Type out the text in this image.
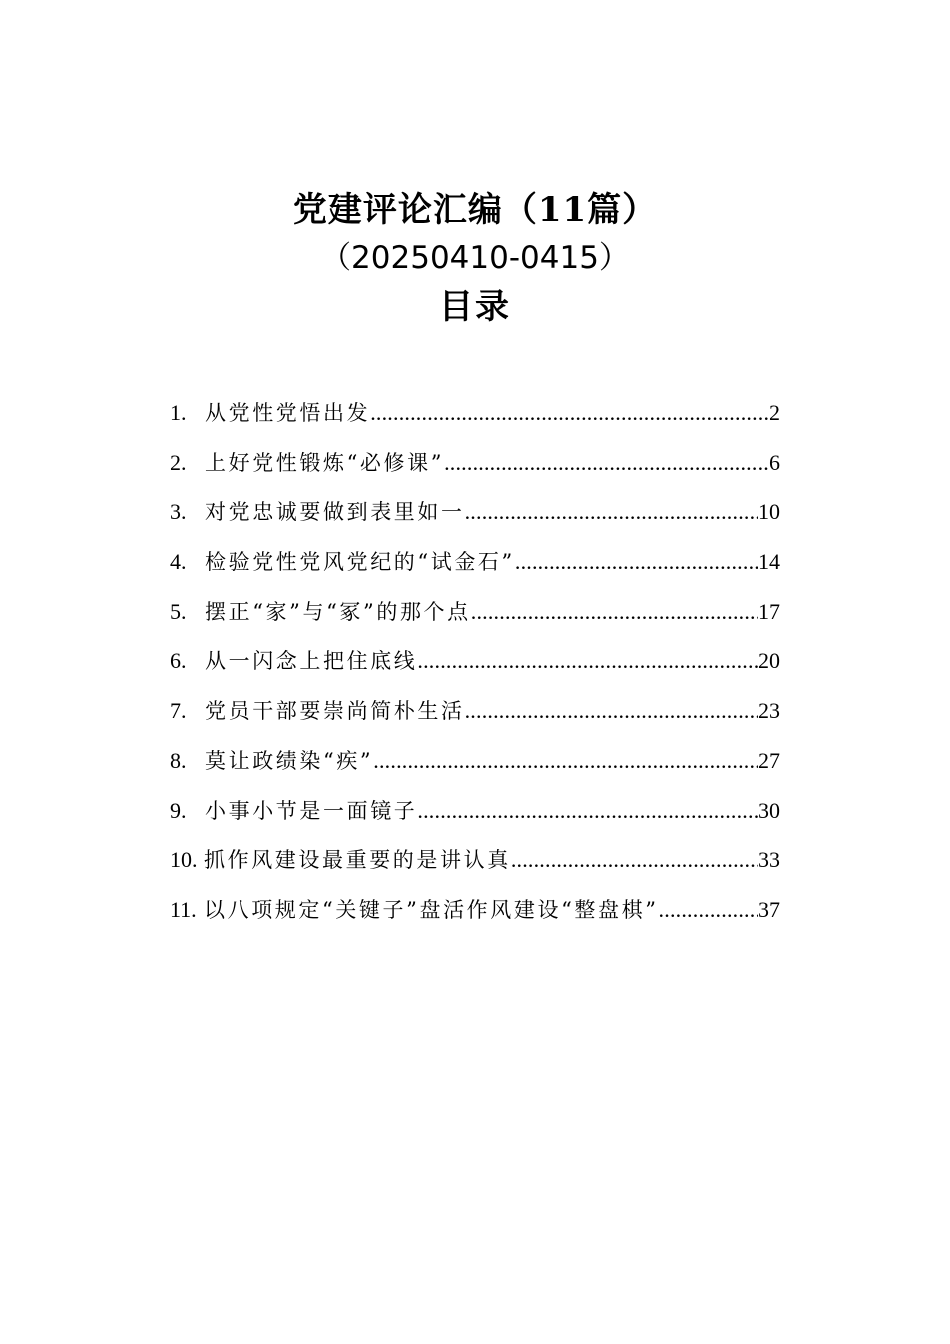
党建评论汇编（11篇）
（20250410-0415）
目录
1. 从党性党悟出发 .....	2
2. 上好党性锻炼“必修课” .....	6
3. 对党忠诚要做到表里如一 .....	10
4. 检验党性党风党纪的“试金石” .....	14
5. 摆正“家”与“冢”的那个点 .....	17
6. 从一闪念上把住底线 .....	20
7. 党员干部要崇尚简朴生活 .....	23
8. 莫让政绩染“疾” .....	27
9. 小事小节是一面镜子 .....	30
10. 抓作风建设最重要的是讲认真 .....	33
11. 以八项规定“关键子”盘活作风建设“整盘棋” .....	37
